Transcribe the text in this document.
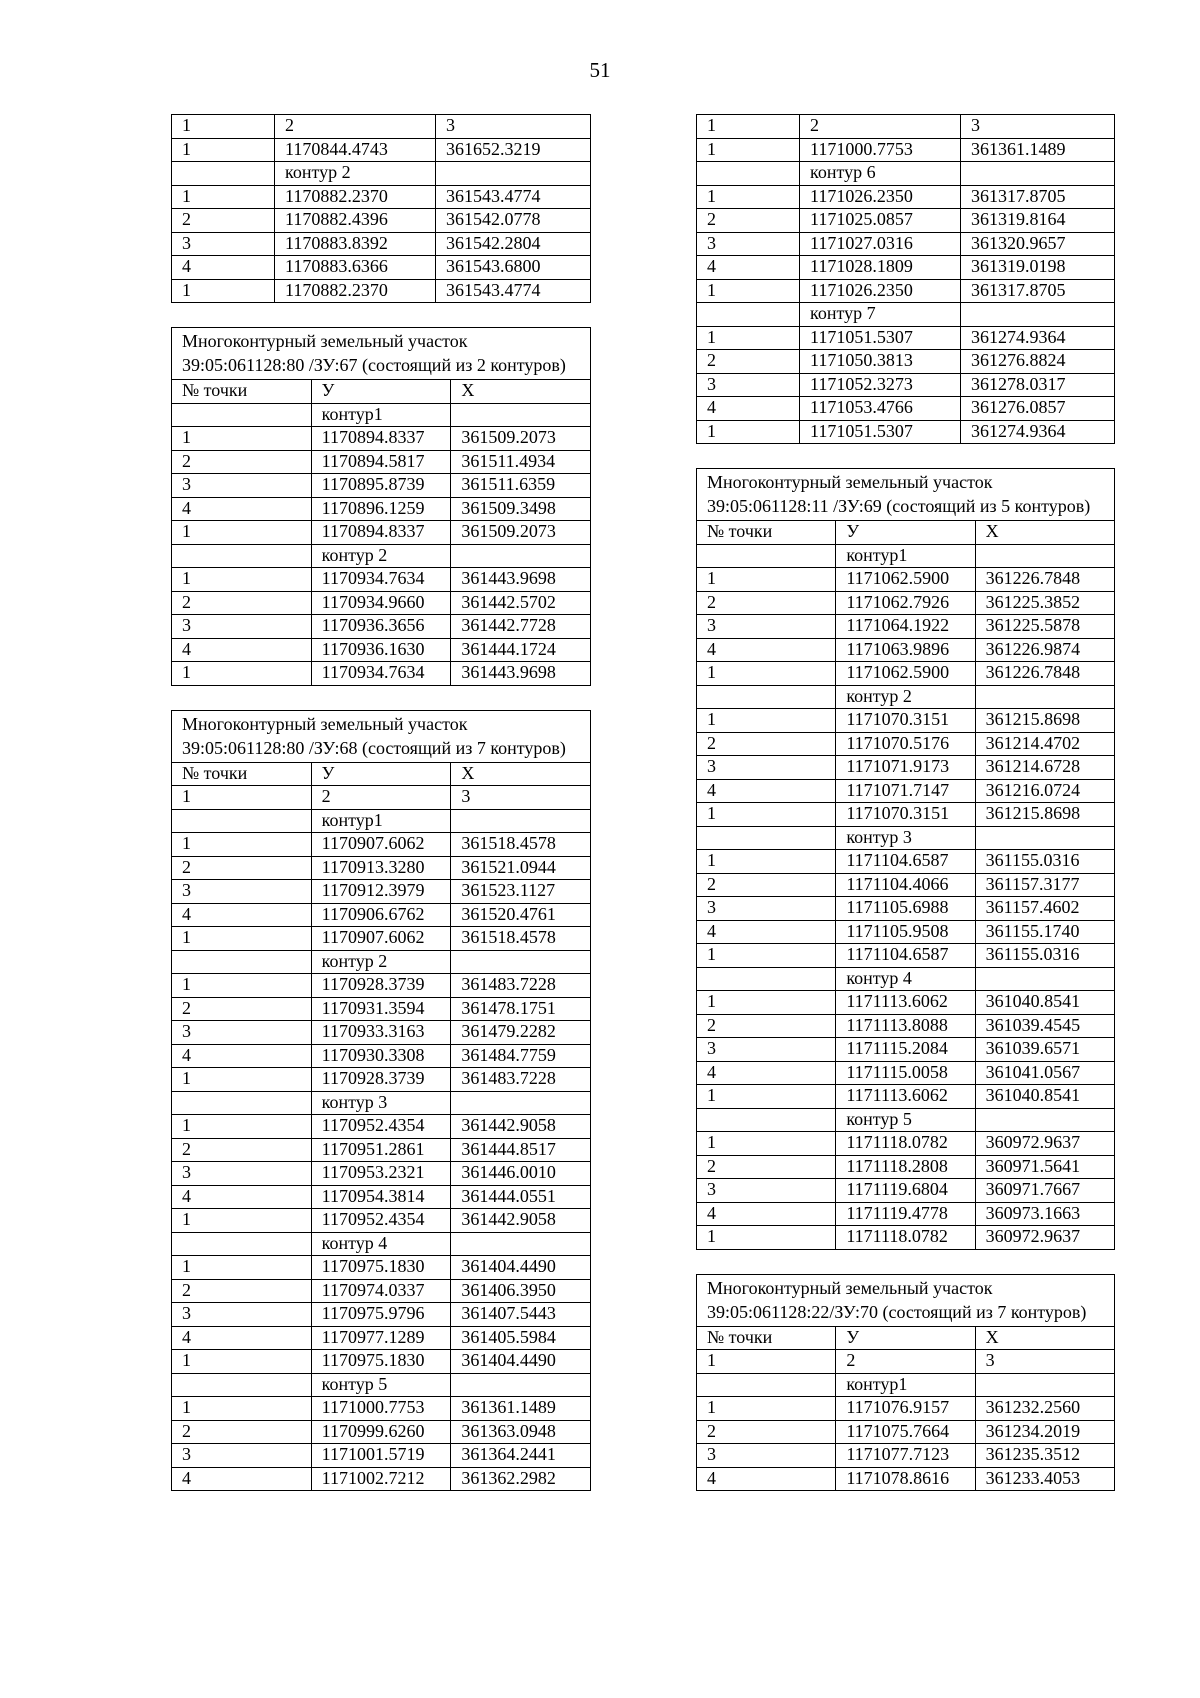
51
1	2	3
1	1170844.4743	361652.3219
	контур 2	
1	1170882.2370	361543.4774
2	1170882.4396	361542.0778
3	1170883.8392	361542.2804
4	1170883.6366	361543.6800
1	1170882.2370	361543.4774
Многоконтурный земельный участок 39:05:061128:80 /ЗУ:67 (состоящий из 2 контуров)		
№ точки	У	Х
	контур1	
1	1170894.8337	361509.2073
2	1170894.5817	361511.4934
3	1170895.8739	361511.6359
4	1170896.1259	361509.3498
1	1170894.8337	361509.2073
	контур 2	
1	1170934.7634	361443.9698
2	1170934.9660	361442.5702
3	1170936.3656	361442.7728
4	1170936.1630	361444.1724
1	1170934.7634	361443.9698
Многоконтурный земельный участок 39:05:061128:80 /ЗУ:68 (состоящий из 7 контуров)		
№ точки	У	Х
1	2	3
	контур1	
1	1170907.6062	361518.4578
2	1170913.3280	361521.0944
3	1170912.3979	361523.1127
4	1170906.6762	361520.4761
1	1170907.6062	361518.4578
	контур 2	
1	1170928.3739	361483.7228
2	1170931.3594	361478.1751
3	1170933.3163	361479.2282
4	1170930.3308	361484.7759
1	1170928.3739	361483.7228
	контур 3	
1	1170952.4354	361442.9058
2	1170951.2861	361444.8517
3	1170953.2321	361446.0010
4	1170954.3814	361444.0551
1	1170952.4354	361442.9058
	контур 4	
1	1170975.1830	361404.4490
2	1170974.0337	361406.3950
3	1170975.9796	361407.5443
4	1170977.1289	361405.5984
1	1170975.1830	361404.4490
	контур 5	
1	1171000.7753	361361.1489
2	1170999.6260	361363.0948
3	1171001.5719	361364.2441
4	1171002.7212	361362.2982
1	2	3
1	1171000.7753	361361.1489
	контур 6	
1	1171026.2350	361317.8705
2	1171025.0857	361319.8164
3	1171027.0316	361320.9657
4	1171028.1809	361319.0198
1	1171026.2350	361317.8705
	контур 7	
1	1171051.5307	361274.9364
2	1171050.3813	361276.8824
3	1171052.3273	361278.0317
4	1171053.4766	361276.0857
1	1171051.5307	361274.9364
Многоконтурный земельный участок 39:05:061128:11 /ЗУ:69 (состоящий из 5 контуров)		
№ точки	У	Х
	контур1	
1	1171062.5900	361226.7848
2	1171062.7926	361225.3852
3	1171064.1922	361225.5878
4	1171063.9896	361226.9874
1	1171062.5900	361226.7848
	контур 2	
1	1171070.3151	361215.8698
2	1171070.5176	361214.4702
3	1171071.9173	361214.6728
4	1171071.7147	361216.0724
1	1171070.3151	361215.8698
	контур 3	
1	1171104.6587	361155.0316
2	1171104.4066	361157.3177
3	1171105.6988	361157.4602
4	1171105.9508	361155.1740
1	1171104.6587	361155.0316
	контур 4	
1	1171113.6062	361040.8541
2	1171113.8088	361039.4545
3	1171115.2084	361039.6571
4	1171115.0058	361041.0567
1	1171113.6062	361040.8541
	контур 5	
1	1171118.0782	360972.9637
2	1171118.2808	360971.5641
3	1171119.6804	360971.7667
4	1171119.4778	360973.1663
1	1171118.0782	360972.9637
Многоконтурный земельный участок 39:05:061128:22/ЗУ:70 (состоящий из 7 контуров)		
№ точки	У	Х
1	2	3
	контур1	
1	1171076.9157	361232.2560
2	1171075.7664	361234.2019
3	1171077.7123	361235.3512
4	1171078.8616	361233.4053
